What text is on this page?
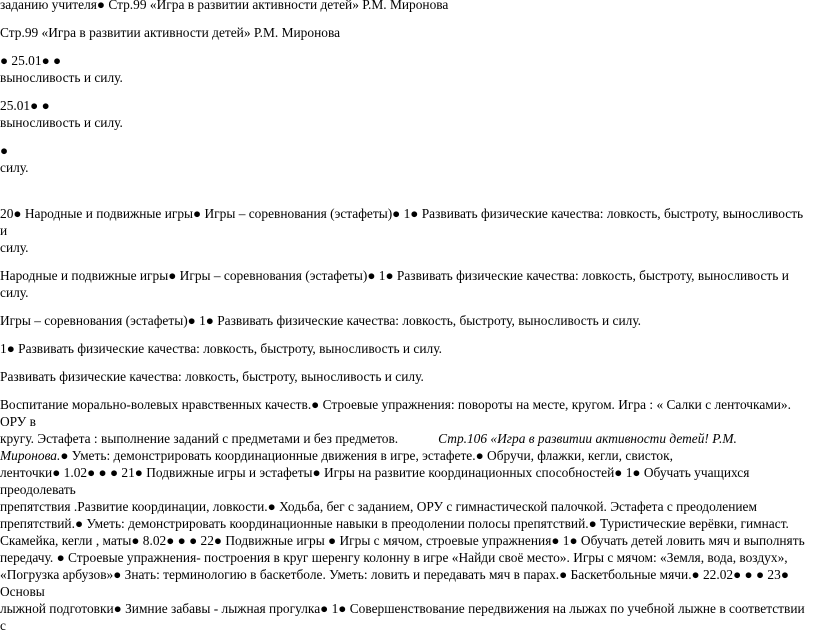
заданию учителя● Стр.99 «Игра в развитии активности детей» Р.М. Миронова

Стр.99 «Игра в развитии активности детей» Р.М. Миронова

● 25.01● ●
выносливость и силу.

25.01● ●
выносливость и силу.

●
силу.

20● Народные и подвижные игры● Игры – соревнования (эстафеты)● 1● Развивать физические качества: ловкость, быстроту, выносливость и
силу.

Народные и подвижные игры● Игры – соревнования (эстафеты)● 1● Развивать физические качества: ловкость, быстроту, выносливость и силу.

Игры – соревнования (эстафеты)● 1● Развивать физические качества: ловкость, быстроту, выносливость и силу.

1● Развивать физические качества: ловкость, быстроту, выносливость и силу.

Развивать физические качества: ловкость, быстроту, выносливость и силу.

Воспитание морально-волевых нравственных качеств.● Строевые упражнения: повороты на месте, кругом. Игра : « Салки с ленточками». ОРУ в
кругу. Эстафета : выполнение заданий с предметами и без предметов.	Стр.106 «Игра в развитии активности детей! Р.М.
Миронова.● Уметь: демонстрировать координационные движения в игре, эстафете.● Обручи, флажки, кегли, свисток,
ленточки● 1.02● ● ● 21● Подвижные игры и эстафеты● Игры на развитие координационных способностей● 1● Обучать учащихся преодолевать
препятствия .Развитие координации, ловкости.● Ходьба, бег с заданием, ОРУ с гимнастической палочкой. Эстафета с преодолением
препятствий.● Уметь: демонстрировать координационные навыки в преодолении полосы препятствий.● Туристические верёвки, гимнаст.
Скамейка, кегли , маты● 8.02● ● ● 22● Подвижные игры ● Игры с мячом, строевые упражнения● 1● Обучать детей ловить мяч и выполнять
передачу. ● Строевые упражнения- построения в круг шеренгу колонну в игре «Найди своё место». Игры с мячом: «Земля, вода, воздух»,
«Погрузка арбузов»● Знать: терминологию в баскетболе. Уметь: ловить и передавать мяч в парах.● Баскетбольные мячи.● 22.02● ● ● 23● Основы
лыжной подготовки● Зимние забавы - лыжная прогулка● 1● Совершенствование передвижения на лыжах по учебной лыжне в соответствии с
